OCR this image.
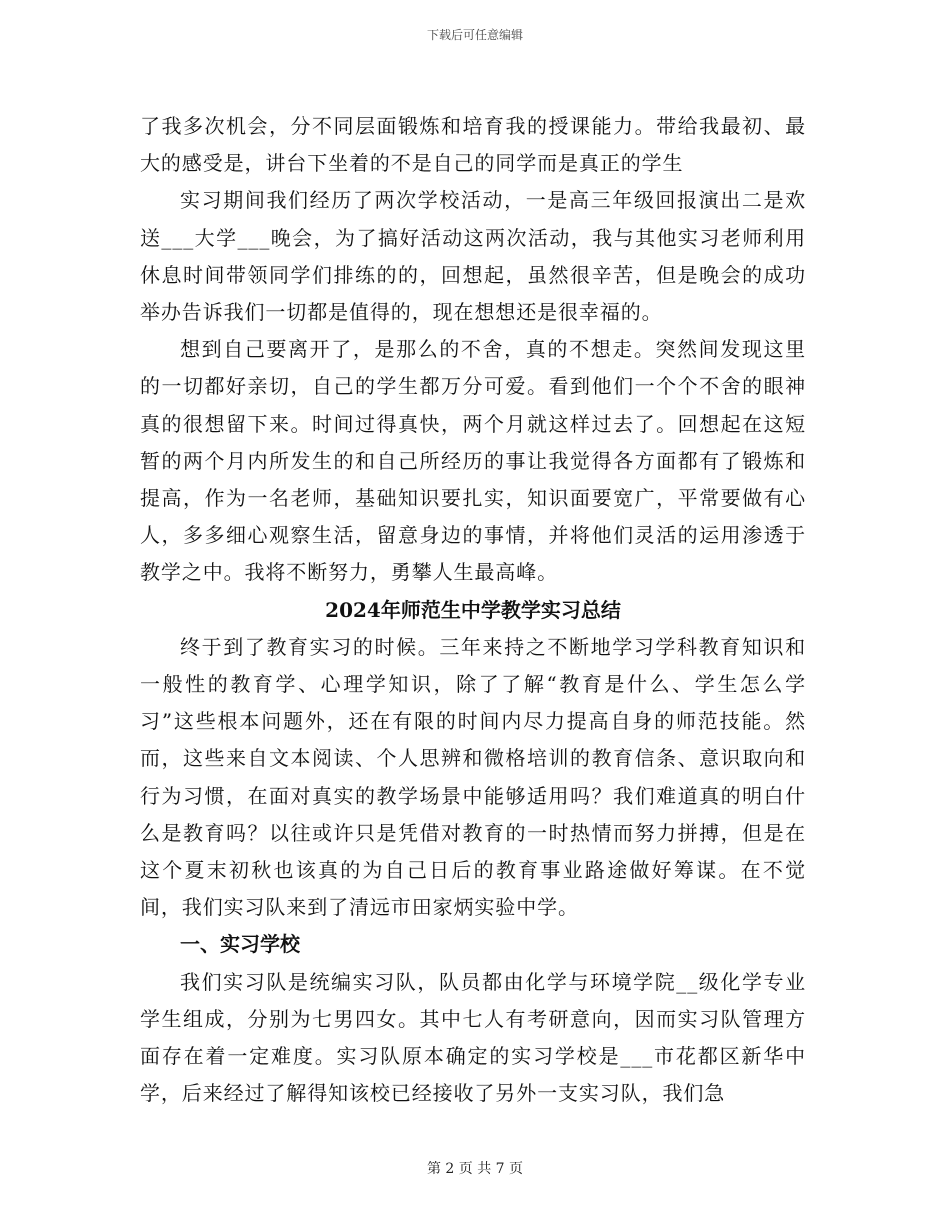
下载后可任意编辑

了我多次机会，分不同层面锻炼和培育我的授课能力。带给我最初、最大的感受是，讲台下坐着的不是自己的同学而是真正的学生

实习期间我们经历了两次学校活动，一是高三年级回报演出二是欢送___大学___晚会，为了搞好活动这两次活动，我与其他实习老师利用休息时间带领同学们排练的的，回想起，虽然很辛苦，但是晚会的成功举办告诉我们一切都是值得的，现在想想还是很幸福的。

想到自己要离开了，是那么的不舍，真的不想走。突然间发现这里的一切都好亲切，自己的学生都万分可爱。看到他们一个个不舍的眼神真的很想留下来。时间过得真快，两个月就这样过去了。回想起在这短暂的两个月内所发生的和自己所经历的事让我觉得各方面都有了锻炼和提高，作为一名老师，基础知识要扎实，知识面要宽广，平常要做有心人，多多细心观察生活，留意身边的事情，并将他们灵活的运用渗透于教学之中。我将不断努力，勇攀人生最高峰。

2024年师范生中学教学实习总结

终于到了教育实习的时候。三年来持之不断地学习学科教育知识和一般性的教育学、心理学知识，除了了解“教育是什么、学生怎么学习”这些根本问题外，还在有限的时间内尽力提高自身的师范技能。然而，这些来自文本阅读、个人思辨和微格培训的教育信条、意识取向和行为习惯，在面对真实的教学场景中能够适用吗？我们难道真的明白什么是教育吗？以往或许只是凭借对教育的一时热情而努力拼搏，但是在这个夏末初秋也该真的为自己日后的教育事业路途做好筹谋。在不觉间，我们实习队来到了清远市田家炳实验中学。

一、实习学校

我们实习队是统编实习队，队员都由化学与环境学院__级化学专业学生组成，分别为七男四女。其中七人有考研意向，因而实习队管理方面存在着一定难度。实习队原本确定的实习学校是___市花都区新华中学，后来经过了解得知该校已经接收了另外一支实习队，我们急

第 2 页 共 7 页
